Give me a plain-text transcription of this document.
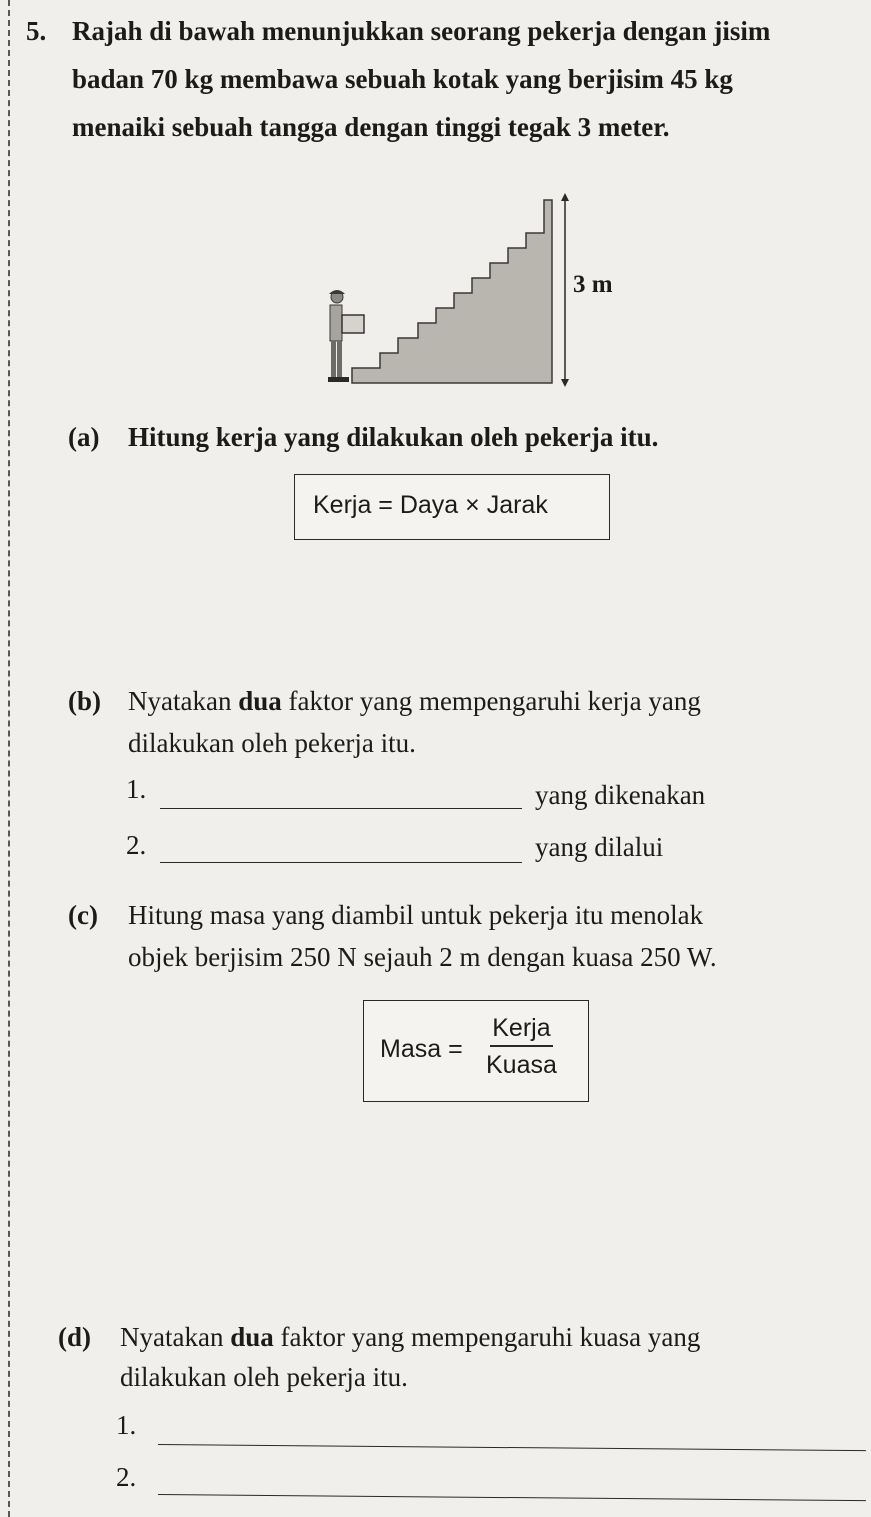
5. Rajah di bawah menunjukkan seorang pekerja dengan jisim
badan 70 kg membawa sebuah kotak yang berjisim 45 kg
menaiki sebuah tangga dengan tinggi tegak 3 meter.
3 m
(a) Hitung kerja yang dilakukan oleh pekerja itu.
Kerja = Daya × Jarak
(b) Nyatakan dua faktor yang mempengaruhi kerja yang
dilakukan oleh pekerja itu.
1.	yang dikenakan
2.	yang dilalui
(c) Hitung masa yang diambil untuk pekerja itu menolak
objek berjisim 250 N sejauh 2 m dengan kuasa 250 W.
Masa =
Kerja
Kuasa
(d) Nyatakan dua faktor yang mempengaruhi kuasa yang
dilakukan oleh pekerja itu.
1.
2.
